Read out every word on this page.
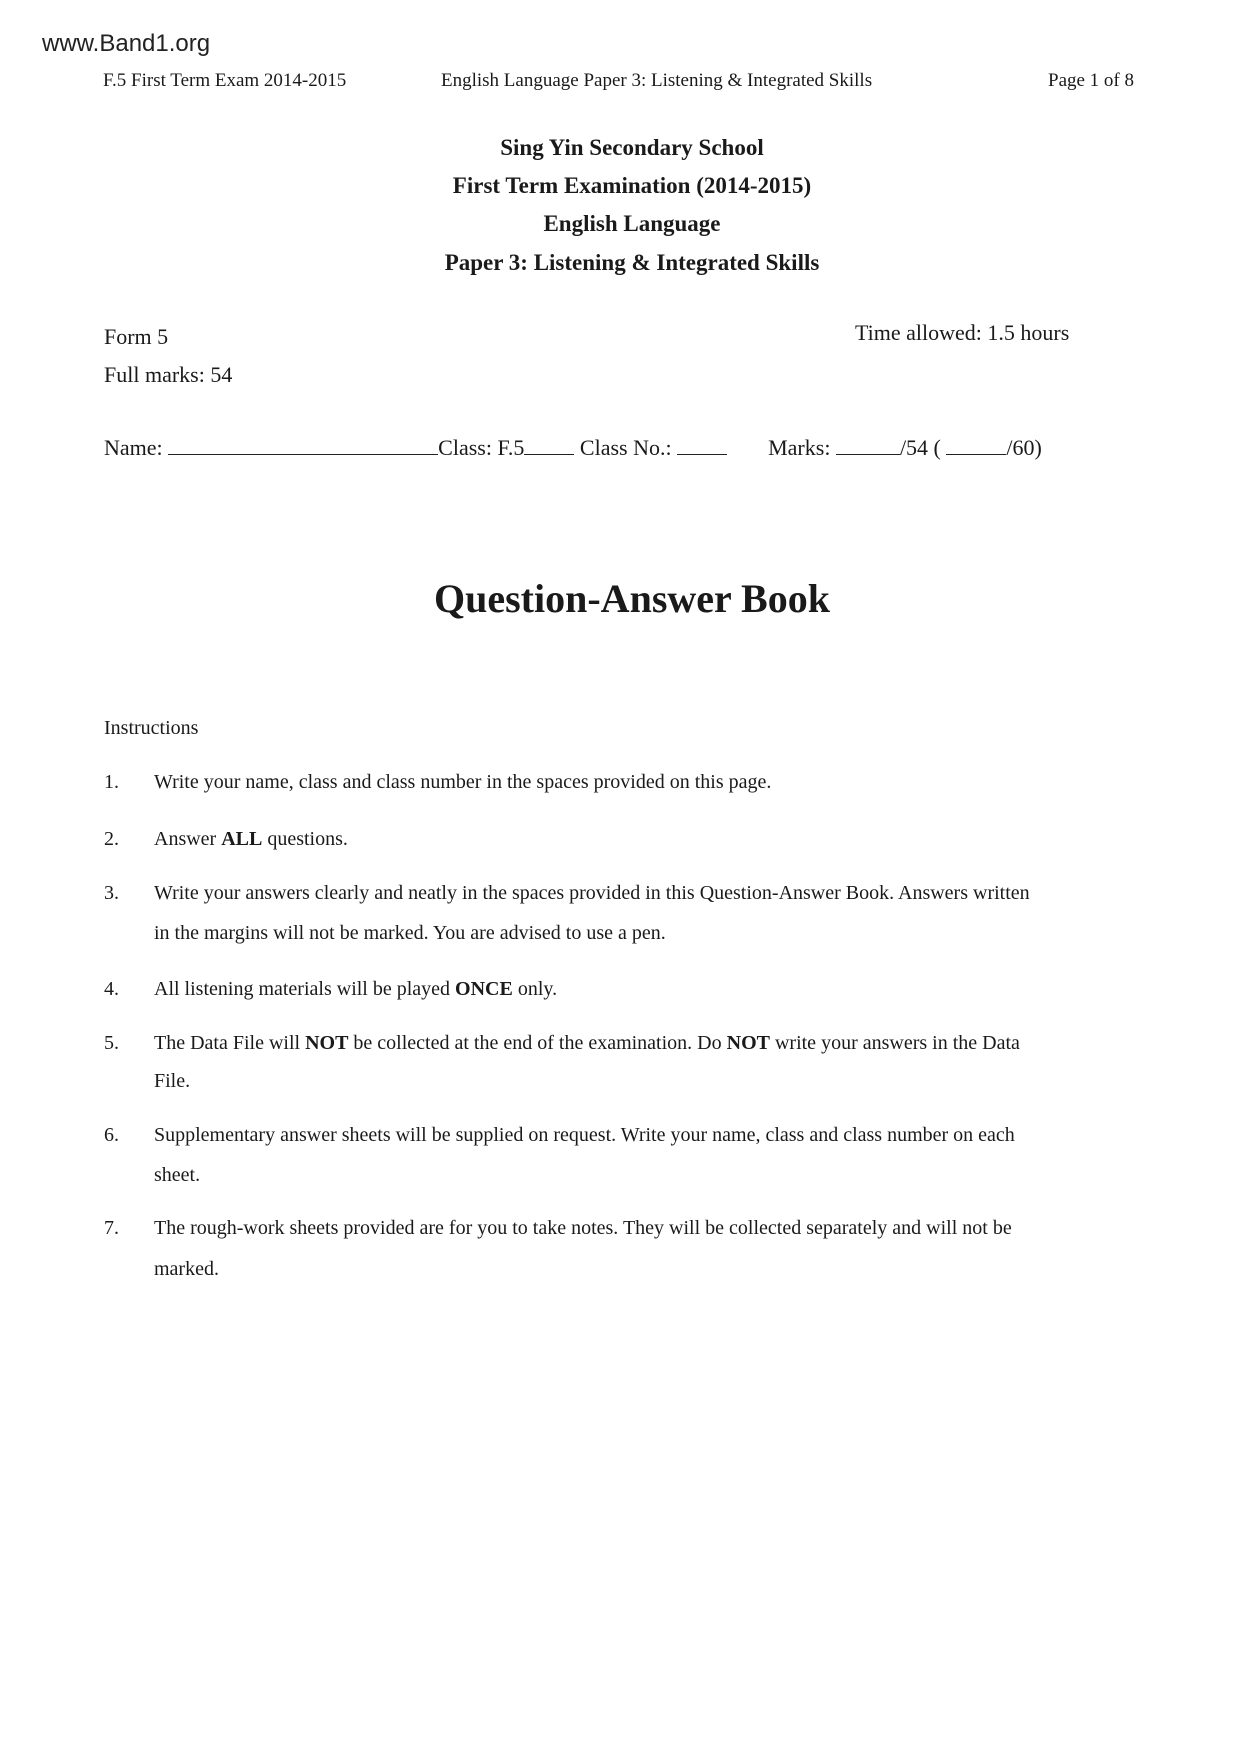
www.Band1.org
F.5 First Term Exam 2014-2015	English Language Paper 3: Listening & Integrated Skills	Page 1 of 8
Sing Yin Secondary School
First Term Examination (2014-2015)
English Language
Paper 3: Listening & Integrated Skills
Form 5	Time allowed: 1.5 hours
Full marks: 54
Name:	Class: F.5	Class No.:	Marks:	/54 (	/60)
Question-Answer Book
Instructions
1. Write your name, class and class number in the spaces provided on this page.
2. Answer ALL questions.
3. Write your answers clearly and neatly in the spaces provided in this Question-Answer Book. Answers written
in the margins will not be marked. You are advised to use a pen.
4. All listening materials will be played ONCE only.
5. The Data File will NOT be collected at the end of the examination. Do NOT write your answers in the Data
File.
6. Supplementary answer sheets will be supplied on request. Write your name, class and class number on each
sheet.
7. The rough-work sheets provided are for you to take notes. They will be collected separately and will not be
marked.
